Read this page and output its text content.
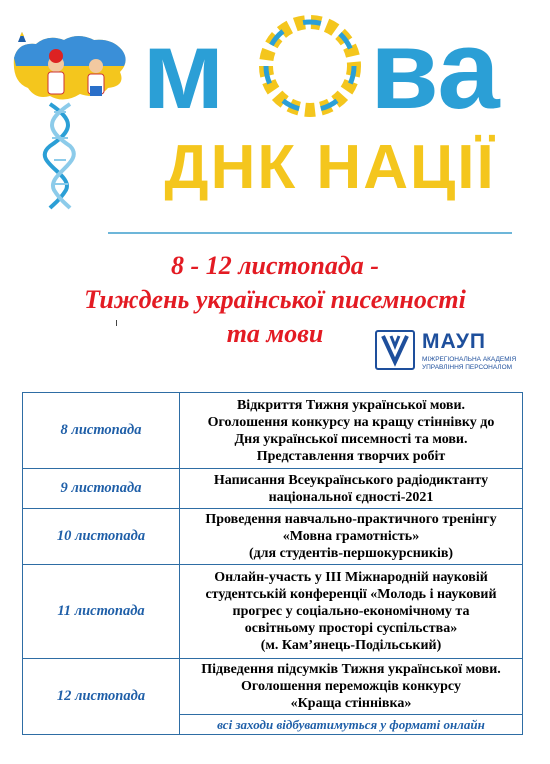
м ва
ДНК НАЦІЇ
8 - 12 листопада -
Тиждень української писемності
та мови	МАУП
МІЖРЕГІОНАЛЬНА АКАДЕМІЯ
УПРАВЛІННЯ ПЕРСОНАЛОМ
8 листопада	Відкриття Тижня української мови.
Оголошення конкурсу на кращу стіннівку до
Дня української писемності та мови.
Представлення творчих робіт

9 листопада	Написання Всеукраїнського радіодиктанту
національної єдності-2021

10 листопада	Проведення навчально-практичного тренінгу
«Мовна грамотність»
(для студентів-першокурсників)

11 листопада	Онлайн-участь у ІІІ Міжнародній науковій
студентській конференції «Молодь і науковий
прогрес у соціально-економічному та
освітньому просторі суспільства»
(м. Кам’янець-Подільський)

12 листопада	Підведення підсумків Тижня української мови.
Оголошення переможців конкурсу
«Краща стіннівка»

	всі заходи відбуватимуться у форматі онлайн
